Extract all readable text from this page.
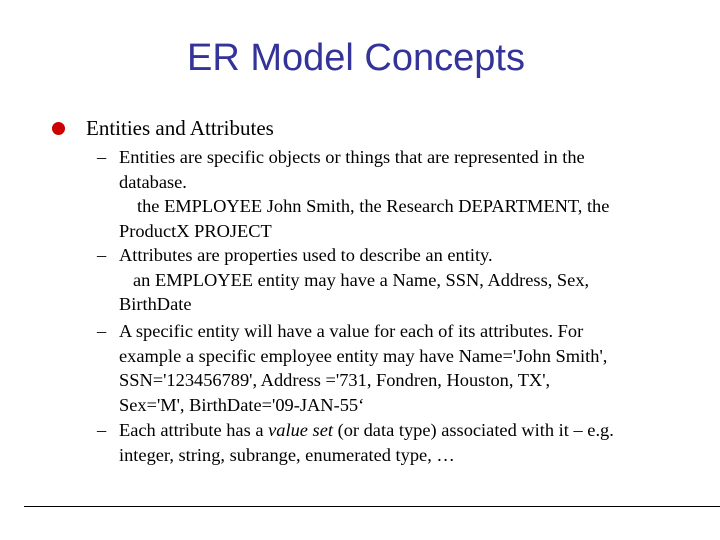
ER Model Concepts
Entities and Attributes
– Entities are specific objects or things that are represented in the
database.
the EMPLOYEE John Smith, the Research DEPARTMENT, the
ProductX PROJECT
– Attributes are properties used to describe an entity.
an EMPLOYEE entity may have a Name, SSN, Address, Sex,
BirthDate
– A specific entity will have a value for each of its attributes. For
example a specific employee entity may have Name='John Smith',
SSN='123456789', Address ='731, Fondren, Houston, TX',
Sex='M', BirthDate='09-JAN-55‘
– Each attribute has a value set (or data type) associated with it – e.g.
integer, string, subrange, enumerated type, …
